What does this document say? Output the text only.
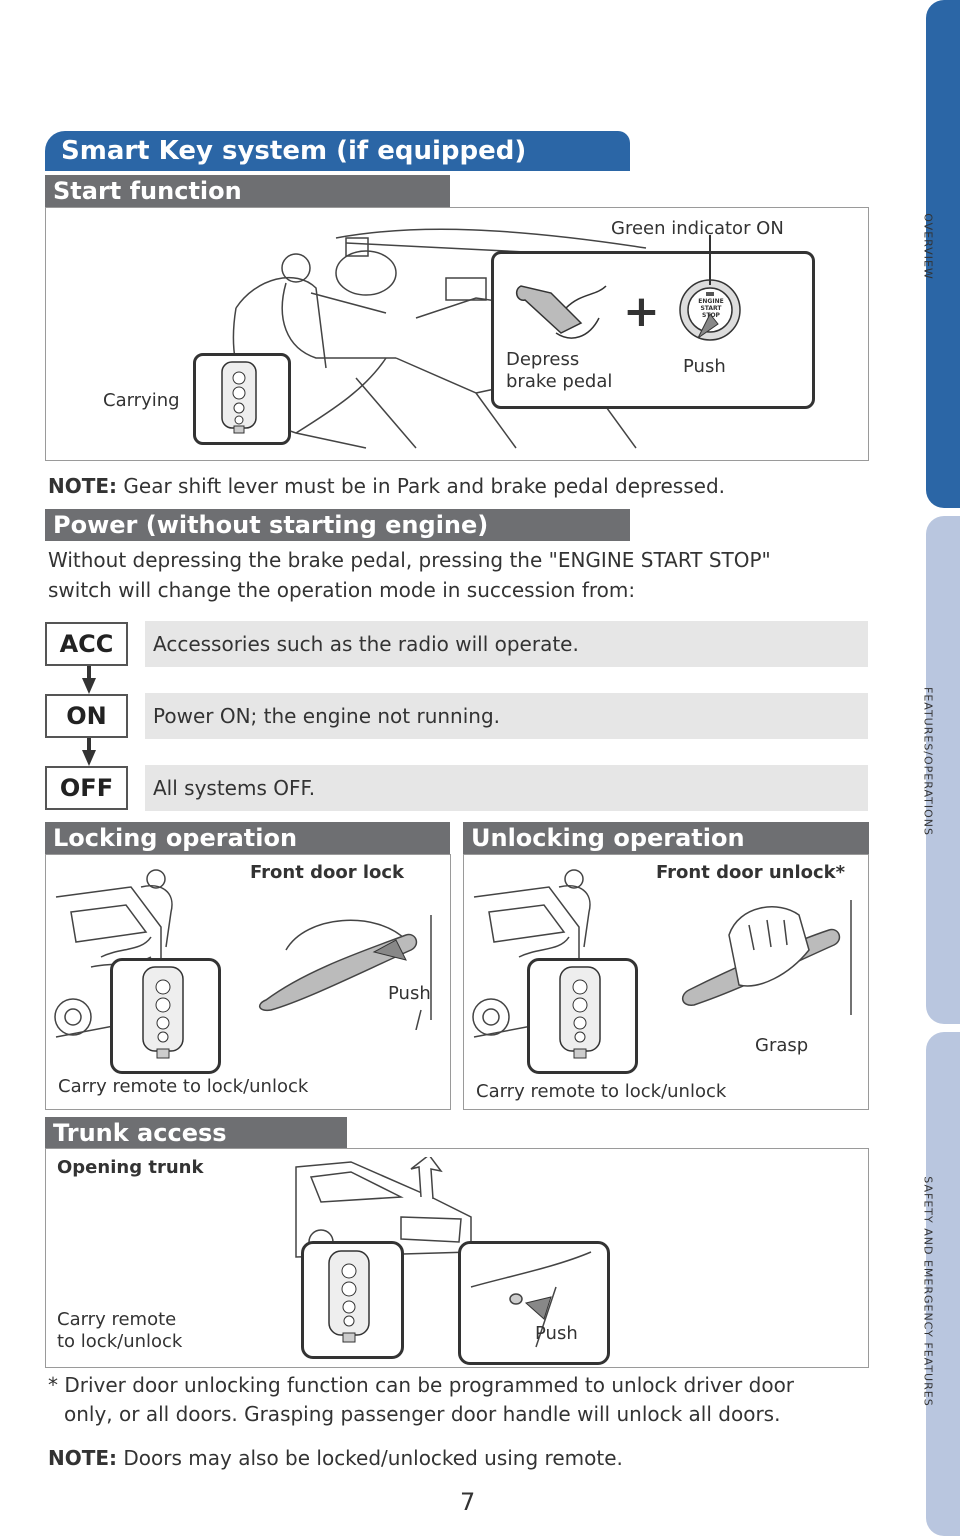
OVERVIEW
FEATURES/OPERATIONS
SAFETY AND EMERGENCY FEATURES
Smart Key system (if equipped)
Start function
Carrying
+	ENGINE
START
STOP
Green indicator ON
Depress
brake pedal
Push
NOTE: Gear shift lever must be in Park and brake pedal depressed.
Power (without starting engine)
Without depressing the brake pedal, pressing the "ENGINE START STOP"
switch will change the operation mode in succession from:
ACC	Accessories such as the radio will operate.
ON	Power ON; the engine not running.
OFF	All systems OFF.
Locking operation
Front door lock
Push
Carry remote to lock/unlock
Unlocking operation
Front door unlock*
Grasp
Carry remote to lock/unlock
Trunk access
Opening trunk
Push
Carry remote
to lock/unlock
* Driver door unlocking function can be programmed to unlock driver door
only, or all doors. Grasping passenger door handle will unlock all doors.
NOTE: Doors may also be locked/unlocked using remote.
7
